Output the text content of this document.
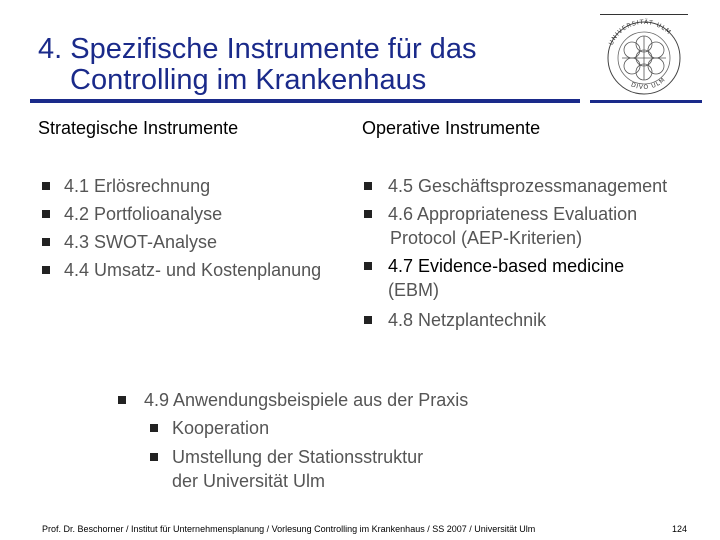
4. Spezifische Instrumente für das
Controlling im Krankenhaus
UNIVERSITÄT ULM
DIVO ULM
Strategische Instrumente	Operative Instrumente
4.1 Erlösrechnung
4.2 Portfolioanalyse
4.3 SWOT-Analyse
4.4 Umsatz- und Kostenplanung
4.5 Geschäftsprozessmanagement
4.6 Appropriateness Evaluation
Protocol (AEP-Kriterien)
4.7 Evidence-based medicine
(EBM)
4.8 Netzplantechnik
4.9 Anwendungsbeispiele aus der Praxis
Kooperation
Umstellung der Stationsstruktur
der Universität Ulm
Prof. Dr. Beschorner / Institut für Unternehmensplanung / Vorlesung Controlling im Krankenhaus / SS 2007 / Universität Ulm	124
